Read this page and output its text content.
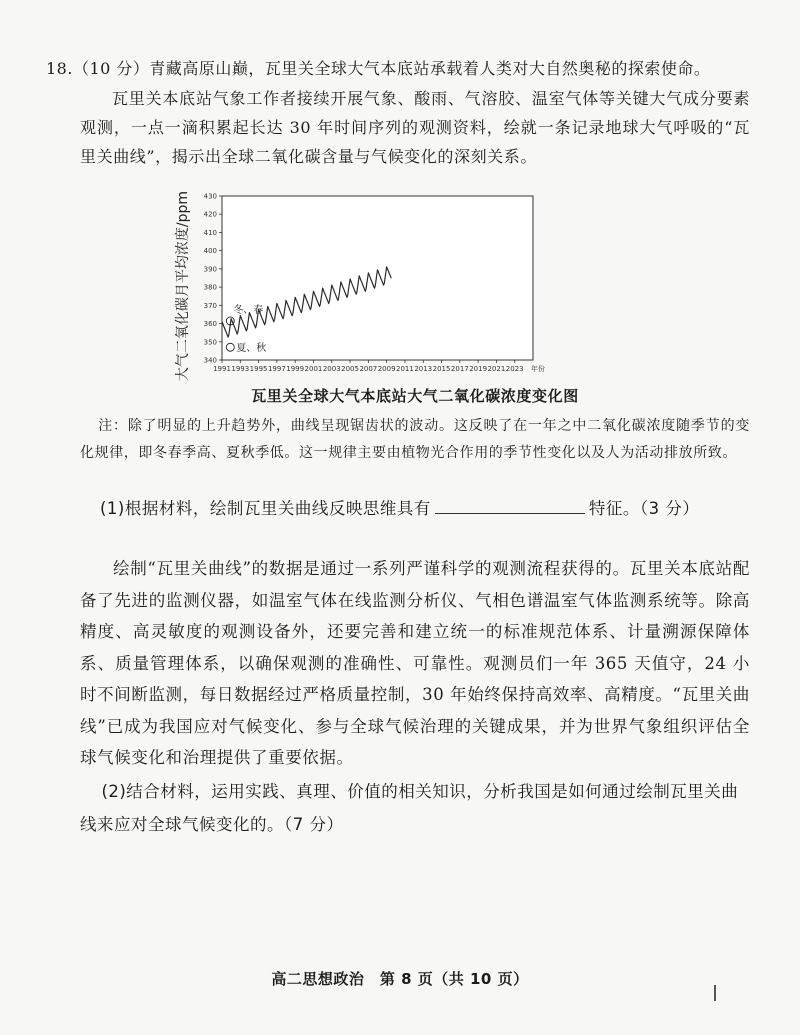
18.（10 分）青藏高原山巅，瓦里关全球大气本底站承载着人类对大自然奥秘的探索使命。
瓦里关本底站气象工作者接续开展气象、酸雨、气溶胶、温室气体等关键大气成分要素观测，一点一滴积累起长达 30 年时间序列的观测资料，绘就一条记录地球大气呼吸的“瓦里关曲线”，揭示出全球二氧化碳含量与气候变化的深刻关系。
340
350
360
370
380
390
400
410
420
430
1991 1993 1995 1997 1999 2001 2003 2005 2007 2009 2011 2013 2015 2017 2019 2021 2023 年份
大气二氧化碳月平均浓度/ppm	冬、春
夏、秋
瓦里关全球大气本底站大气二氧化碳浓度变化图
注：除了明显的上升趋势外，曲线呈现锯齿状的波动。这反映了在一年之中二氧化碳浓度随季节的变化规律，即冬春季高、夏秋季低。这一规律主要由植物光合作用的季节性变化以及人为活动排放所致。
(1)根据材料，绘制瓦里关曲线反映思维具有	特征。（3 分）
绘制“瓦里关曲线”的数据是通过一系列严谨科学的观测流程获得的。瓦里关本底站配备了先进的监测仪器，如温室气体在线监测分析仪、气相色谱温室气体监测系统等。除高精度、高灵敏度的观测设备外，还要完善和建立统一的标准规范体系、计量溯源保障体系、质量管理体系，以确保观测的准确性、可靠性。观测员们一年 365 天值守，24 小时不间断监测，每日数据经过严格质量控制，30 年始终保持高效率、高精度。“瓦里关曲线”已成为我国应对气候变化、参与全球气候治理的关键成果，并为世界气象组织评估全球气候变化和治理提供了重要依据。
(2)结合材料，运用实践、真理、价值的相关知识，分析我国是如何通过绘制瓦里关曲线来应对全球气候变化的。（7 分）
高二思想政治　第 8 页（共 10 页）
